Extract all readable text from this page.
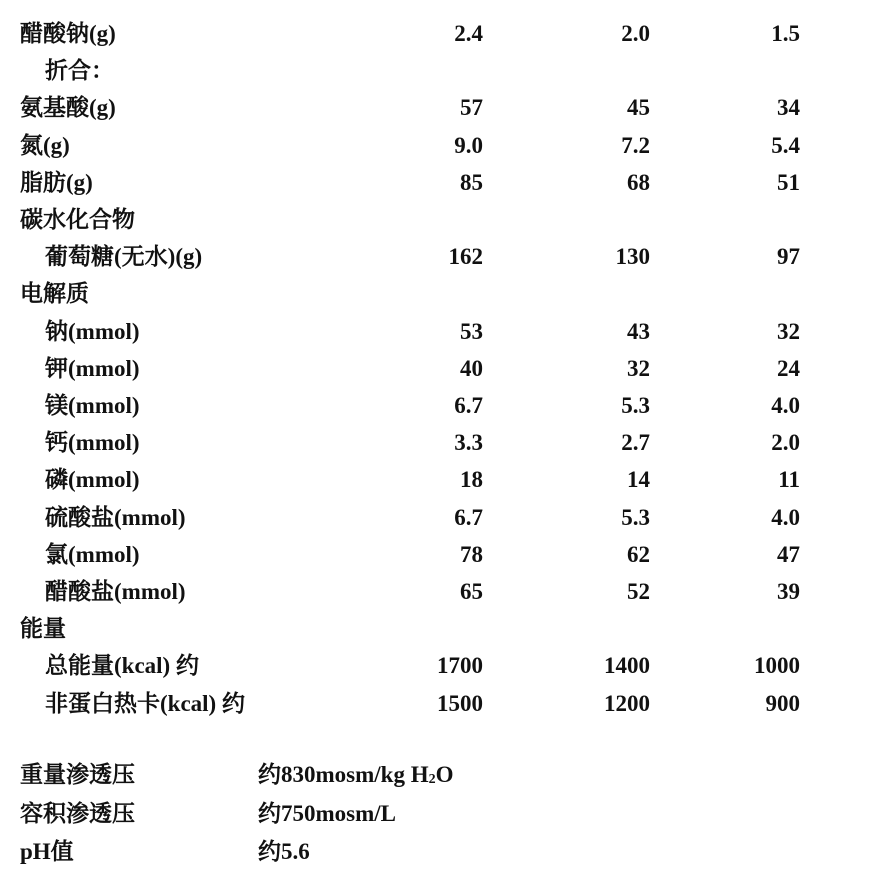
醋酸钠(g)	2.4	2.0	1.5
折合：
氨基酸(g)	57	45	34
氮(g)	9.0	7.2	5.4
脂肪(g)	85	68	51
碳水化合物
葡萄糖(无水)(g)	162	130	97
电解质
钠(mmol)	53	43	32
钾(mmol)	40	32	24
镁(mmol)	6.7	5.3	4.0
钙(mmol)	3.3	2.7	2.0
磷(mmol)	18	14	11
硫酸盐(mmol)	6.7	5.3	4.0
氯(mmol)	78	62	47
醋酸盐(mmol)	65	52	39
能量
总能量(kcal) 约	1700	1400	1000
非蛋白热卡(kcal) 约	1500	1200	900
重量渗透压	约830mosm/kg $H_2O$
容积渗透压	约750mosm/L
pH值	约5.6
